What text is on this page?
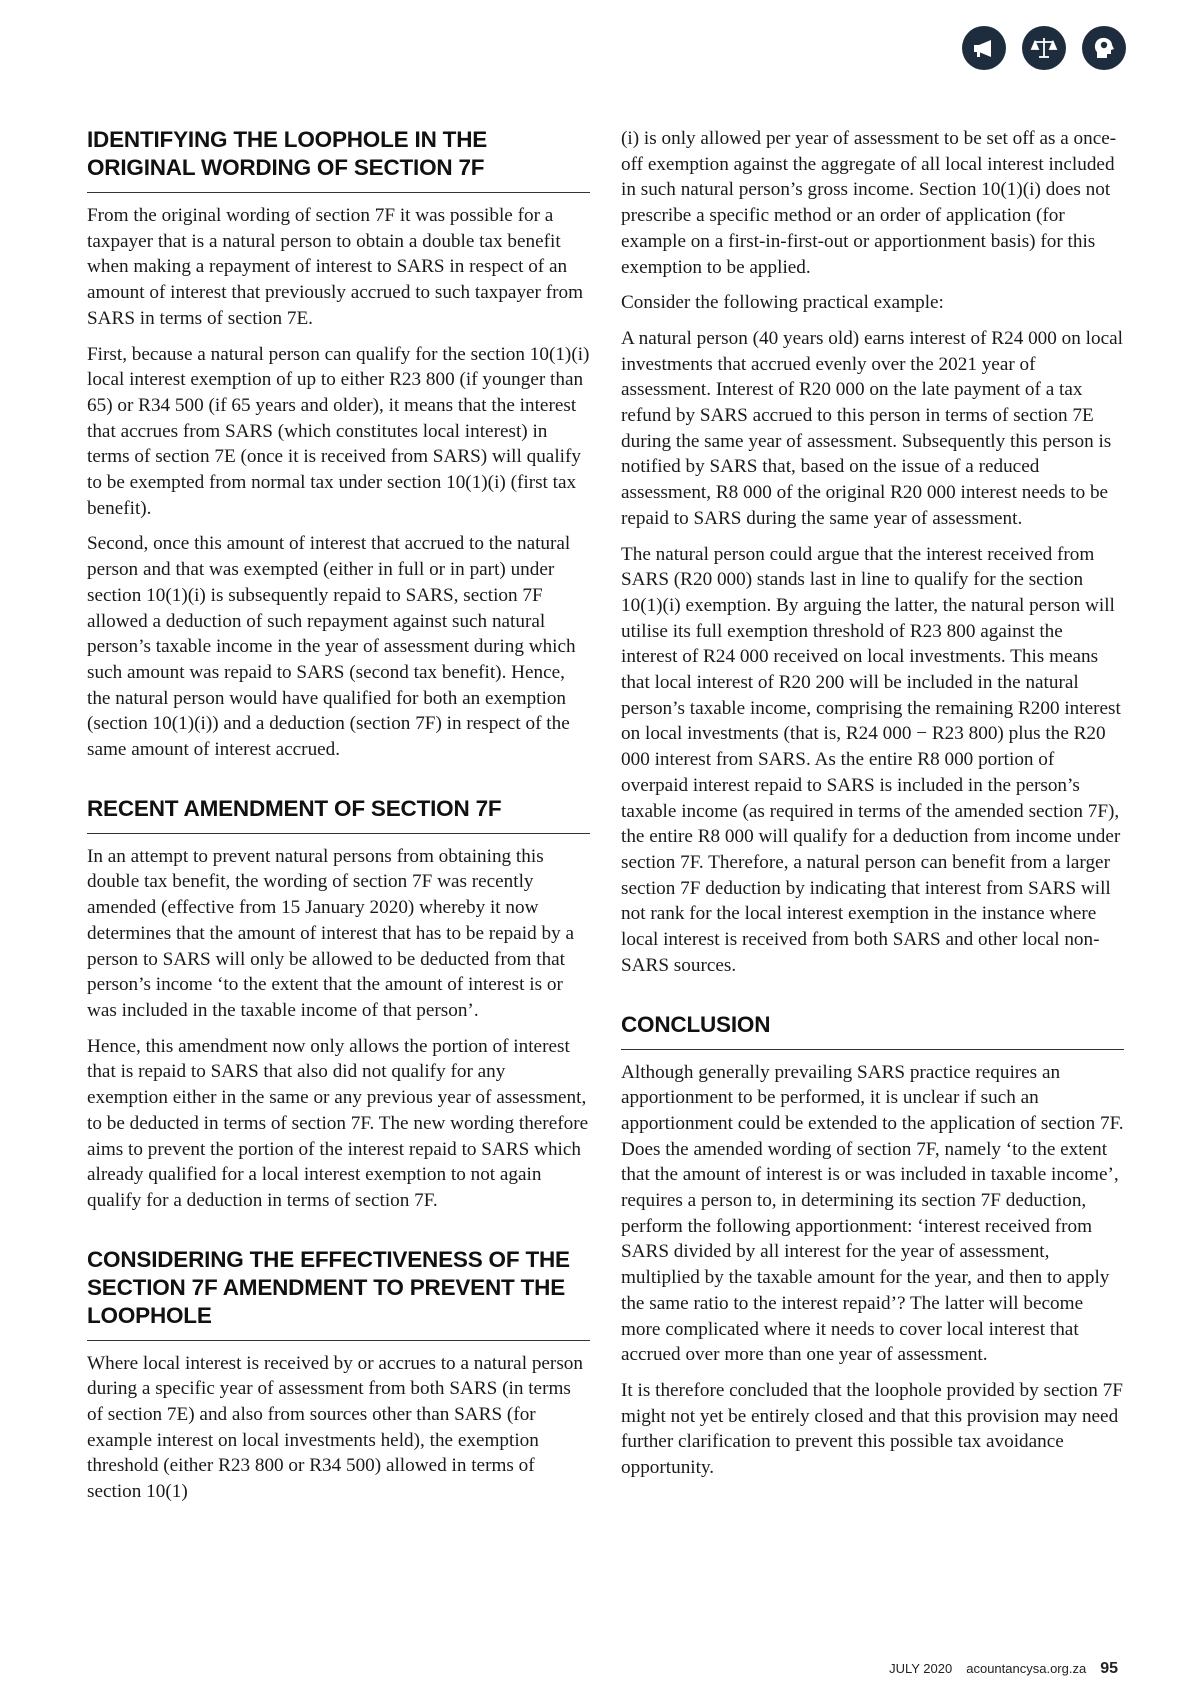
IDENTIFYING THE LOOPHOLE IN THE ORIGINAL WORDING OF SECTION 7F

From the original wording of section 7F it was possible for a taxpayer that is a natural person to obtain a double tax benefit when making a repayment of interest to SARS in respect of an amount of interest that previously accrued to such taxpayer from SARS in terms of section 7E.

First, because a natural person can qualify for the section 10(1)(i) local interest exemption of up to either R23 800 (if younger than 65) or R34 500 (if 65 years and older), it means that the interest that accrues from SARS (which constitutes local interest) in terms of section 7E (once it is received from SARS) will qualify to be exempted from normal tax under section 10(1)(i) (first tax benefit).

Second, once this amount of interest that accrued to the natural person and that was exempted (either in full or in part) under section 10(1)(i) is subsequently repaid to SARS, section 7F allowed a deduction of such repayment against such natural person’s taxable income in the year of assessment during which such amount was repaid to SARS (second tax benefit). Hence, the natural person would have qualified for both an exemption (section 10(1)(i)) and a deduction (section 7F) in respect of the same amount of interest accrued.

RECENT AMENDMENT OF SECTION 7F

In an attempt to prevent natural persons from obtaining this double tax benefit, the wording of section 7F was recently amended (effective from 15 January 2020) whereby it now determines that the amount of interest that has to be repaid by a person to SARS will only be allowed to be deducted from that person’s income ‘to the extent that the amount of interest is or was included in the taxable income of that person’.

Hence, this amendment now only allows the portion of interest that is repaid to SARS that also did not qualify for any exemption either in the same or any previous year of assessment, to be deducted in terms of section 7F. The new wording therefore aims to prevent the portion of the interest repaid to SARS which already qualified for a local interest exemption to not again qualify for a deduction in terms of section 7F.

CONSIDERING THE EFFECTIVENESS OF THE SECTION 7F AMENDMENT TO PREVENT THE LOOPHOLE

Where local interest is received by or accrues to a natural person during a specific year of assessment from both SARS (in terms of section 7E) and also from sources other than SARS (for example interest on local investments held), the exemption threshold (either R23 800 or R34 500) allowed in terms of section 10(1)

(i) is only allowed per year of assessment to be set off as a once-off exemption against the aggregate of all local interest included in such natural person’s gross income. Section 10(1)(i) does not prescribe a specific method or an order of application (for example on a first-in-first-out or apportionment basis) for this exemption to be applied.

Consider the following practical example:

A natural person (40 years old) earns interest of R24 000 on local investments that accrued evenly over the 2021 year of assessment. Interest of R20 000 on the late payment of a tax refund by SARS accrued to this person in terms of section 7E during the same year of assessment. Subsequently this person is notified by SARS that, based on the issue of a reduced assessment, R8 000 of the original R20 000 interest needs to be repaid to SARS during the same year of assessment.

The natural person could argue that the interest received from SARS (R20 000) stands last in line to qualify for the section 10(1)(i) exemption. By arguing the latter, the natural person will utilise its full exemption threshold of R23 800 against the interest of R24 000 received on local investments. This means that local interest of R20 200 will be included in the natural person’s taxable income, comprising the remaining R200 interest on local investments (that is, R24 000 − R23 800) plus the R20 000 interest from SARS. As the entire R8 000 portion of overpaid interest repaid to SARS is included in the person’s taxable income (as required in terms of the amended section 7F), the entire R8 000 will qualify for a deduction from income under section 7F. Therefore, a natural person can benefit from a larger section 7F deduction by indicating that interest from SARS will not rank for the local interest exemption in the instance where local interest is received from both SARS and other local non-SARS sources.

CONCLUSION

Although generally prevailing SARS practice requires an apportionment to be performed, it is unclear if such an apportionment could be extended to the application of section 7F. Does the amended wording of section 7F, namely ‘to the extent that the amount of interest is or was included in taxable income’, requires a person to, in determining its section 7F deduction, perform the following apportionment: ‘interest received from SARS divided by all interest for the year of assessment, multiplied by the taxable amount for the year, and then to apply the same ratio to the interest repaid’? The latter will become more complicated where it needs to cover local interest that accrued over more than one year of assessment.

It is therefore concluded that the loophole provided by section 7F might not yet be entirely closed and that this provision may need further clarification to prevent this possible tax avoidance opportunity.

JULY 2020 acountancysa.org.za 95
